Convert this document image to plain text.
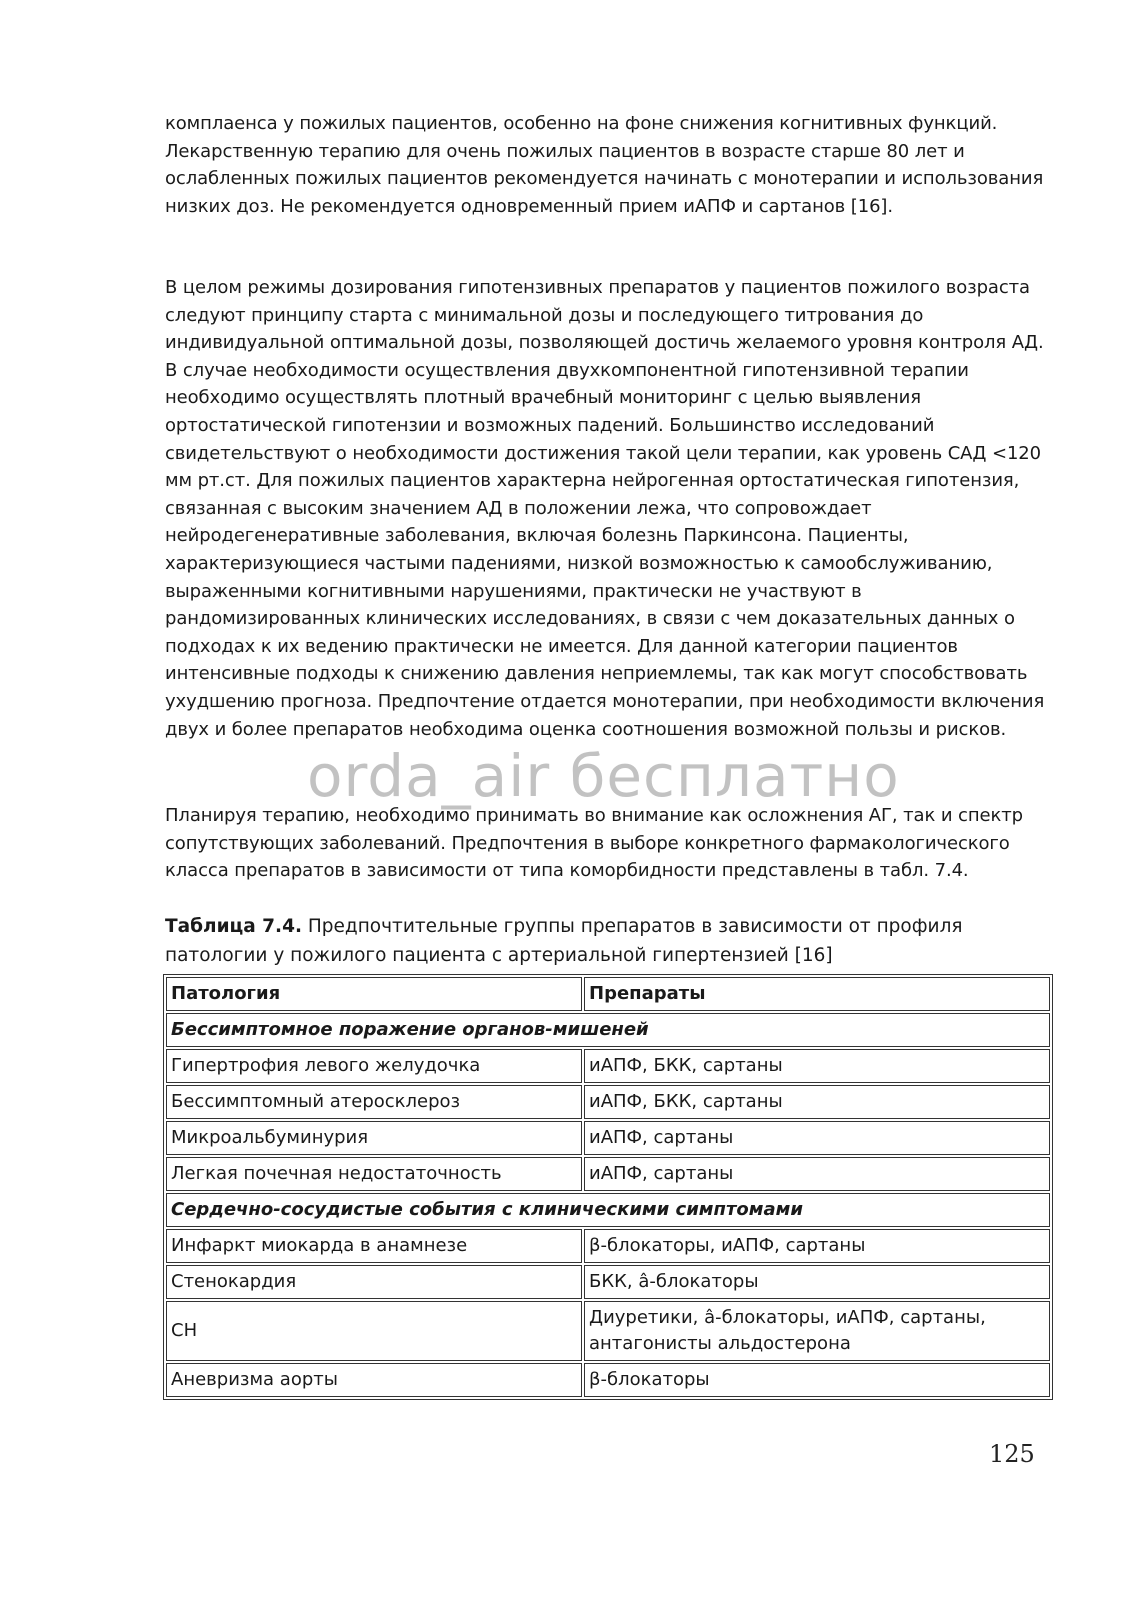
комплаенса у пожилых пациентов, особенно на фоне снижения когнитивных функций. Лекарственную терапию для очень пожилых пациентов в возрасте старше 80 лет и ослабленных пожилых пациентов рекомендуется начинать с монотерапии и использования низких доз. Не рекомендуется одновременный прием иАПФ и сартанов [16].

В целом режимы дозирования гипотензивных препаратов у пациентов пожилого возраста следуют принципу старта с минимальной дозы и последующего титрования до индивидуальной оптимальной дозы, позволяющей достичь желаемого уровня контроля АД. В случае необходимости осуществления двухкомпонентной гипотензивной терапии необходимо осуществлять плотный врачебный мониторинг с целью выявления ортостатической гипотензии и возможных падений. Большинство исследований свидетельствуют о необходимости достижения такой цели терапии, как уровень САД <120 мм рт.ст. Для пожилых пациентов характерна нейрогенная ортостатическая гипотензия, связанная с высоким значением АД в положении лежа, что сопровождает нейродегенеративные заболевания, включая болезнь Паркинсона. Пациенты, характеризующиеся частыми падениями, низкой возможностью к самообслуживанию, выраженными когнитивными нарушениями, практически не участвуют в рандомизированных клинических исследованиях, в связи с чем доказательных данных о подходах к их ведению практически не имеется. Для данной категории пациентов интенсивные подходы к снижению давления неприемлемы, так как могут способствовать ухудшению прогноза. Предпочтение отдается монотерапии, при необходимости включения двух и более препаратов необходима оценка соотношения возможной пользы и рисков.

Планируя терапию, необходимо принимать во внимание как осложнения АГ, так и спектр сопутствующих заболеваний. Предпочтения в выборе конкретного фармакологического класса препаратов в зависимости от типа коморбидности представлены в табл. 7.4.

Таблица 7.4. Предпочтительные группы препаратов в зависимости от профиля патологии у пожилого пациента с артериальной гипертензией [16]

orda_air бесплатно
Патология	Препараты
Бессимптомное поражение органов-мишеней	
Гипертрофия левого желудочка	иАПФ, БКК, сартаны
Бессимптомный атеросклероз	иАПФ, БКК, сартаны
Микроальбуминурия	иАПФ, сартаны
Легкая почечная недостаточность	иАПФ, сартаны
Сердечно-сосудистые события с клиническими симптомами	
Инфаркт миокарда в анамнезе	β-блокаторы, иАПФ, сартаны
Стенокардия	БКК, â-блокаторы
СН	Диуретики, â-блокаторы, иАПФ, сартаны, антагонисты альдостерона
Аневризма аорты	β-блокаторы
125
